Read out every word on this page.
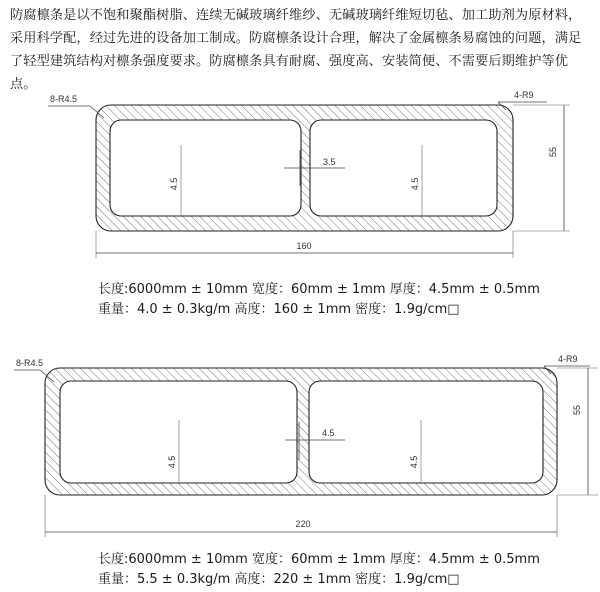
防腐檩条是以不饱和聚酯树脂、连续无碱玻璃纤维纱、无碱玻璃纤维短切毡、加工助剂为原材料，采用科学配，经过先进的设备加工制成。防腐檩条设计合理，解决了金属檩条易腐蚀的问题，满足了轻型建筑结构对檩条强度要求。防腐檩条具有耐腐、强度高、安装简便、不需要后期维护等优点。

8-R4.5	4-R9
55
160
3.5
4.5	4.5
8-R4.5	4-R9
55
220
4.5
4.5	4.5
长度:6000mm ± 10mm 宽度：60mm ± 1mm 厚度：4.5mm ± 0.5mm
重量：4.0 ± 0.3kg/m 高度：160 ± 1mm 密度：1.9g/cm□
长度:6000mm ± 10mm 宽度：60mm ± 1mm 厚度：4.5mm ± 0.5mm
重量：5.5 ± 0.3kg/m 高度：220 ± 1mm 密度：1.9g/cm□
